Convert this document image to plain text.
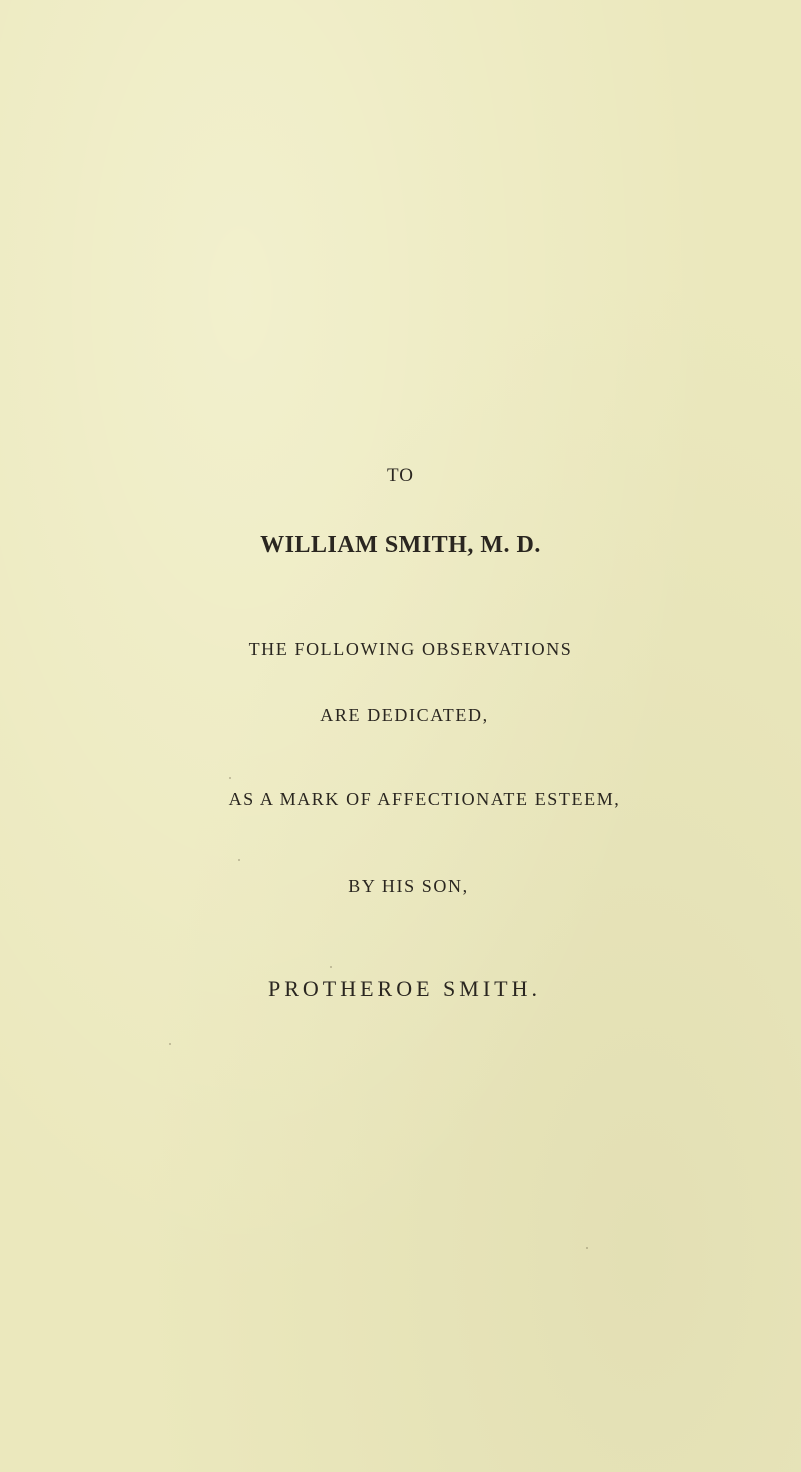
TO
WILLIAM SMITH, M. D.
THE FOLLOWING OBSERVATIONS
ARE DEDICATED,
AS A MARK OF AFFECTIONATE ESTEEM,
BY HIS SON,
PROTHEROE SMITH.
